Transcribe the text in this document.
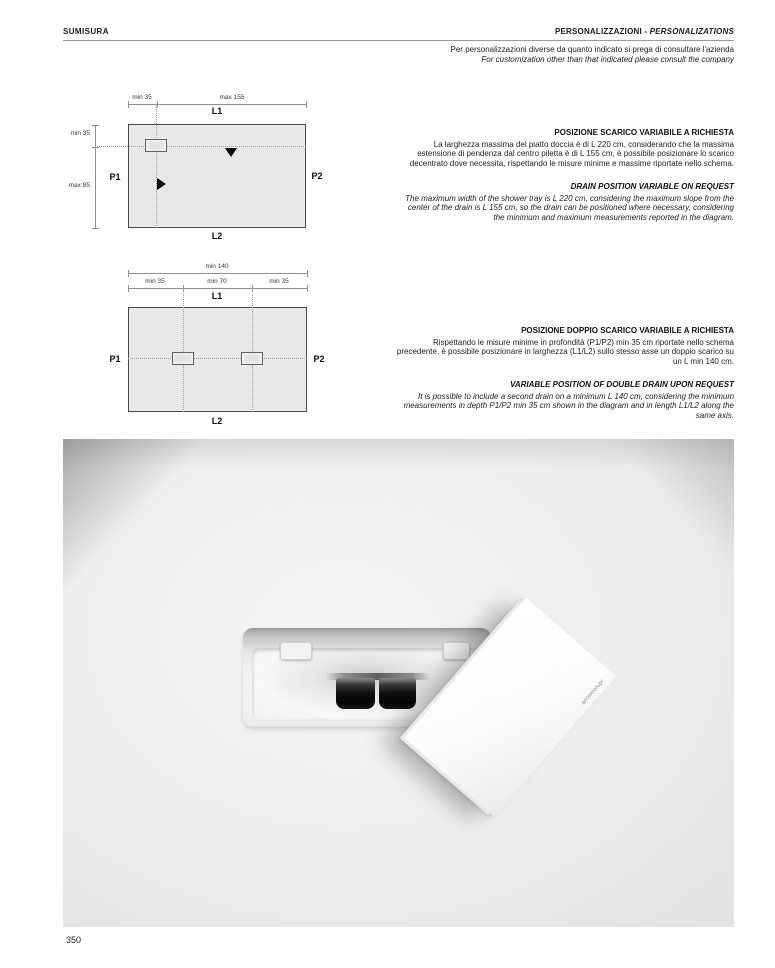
SUMISURA	PERSONALIZZAZIONI - PERSONALIZATIONS
Per personalizzazioni diverse da quanto indicato si prega di consultare l'azienda
For customization other than that indicated please consult the company
min 35	max 155
L1
min 35
max 85
P1	P2
L2
min 140
min 35	min 70	min 35
L1
P1	P2
L2
POSIZIONE SCARICO VARIABILE A RICHIESTA

La larghezza massima del piatto doccia è di L 220 cm, considerando che la massima estensione di pendenza dal centro piletta è di L 155 cm, è possibile posizionare lo scarico decentrato dove necessita, rispettando le misure minime e massime riportate nello schema.

DRAIN POSITION VARIABLE ON REQUEST

The maximum width of the shower tray is L 220 cm, considering the maximum slope from the center of the drain is L 155 cm, so the drain can be positioned where necessary, considering the minimum and maximum measurements reported in the diagram.

POSIZIONE DOPPIO SCARICO VARIABILE A RICHIESTA

Rispettando le misure minime in profondità (P1/P2) min 35 cm riportate nello schema precedente, è possibile posizionare in larghezza (L1/L2) sullo stesso asse un doppio scarico su un L min 140 cm.

VARIABLE POSITION OF DOUBLE DRAIN UPON REQUEST

It is possible to include a second drain on a minimum L 140 cm, considering the minimum measurements in depth P1/P2 min 35 cm shown in the diagram and in length L1/L2 along the same axis.

antoniolupi
350
